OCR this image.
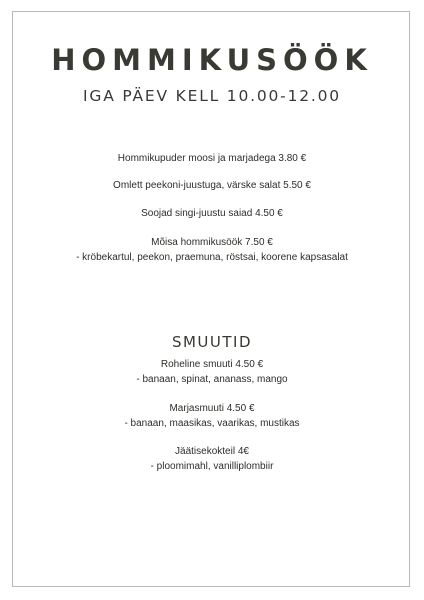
HOMMIKUSÖÖK
IGA PÄEV KELL 10.00-12.00
Hommikupuder moosi ja marjadega 3.80 €
Omlett peekoni-juustuga, värske salat 5.50 €
Soojad singi-juustu saiad 4.50 €
Mõisa hommikusöök 7.50 €
- kröbekartul, peekon, praemuna, röstsai, koorene kapsasalat
SMUUTID
Roheline smuuti 4.50 €
- banaan, spinat, ananass, mango
Marjasmuuti 4.50 €
- banaan, maasikas, vaarikas, mustikas
Jäätisekokteil 4€
- ploomimahl, vanilliplombiir
